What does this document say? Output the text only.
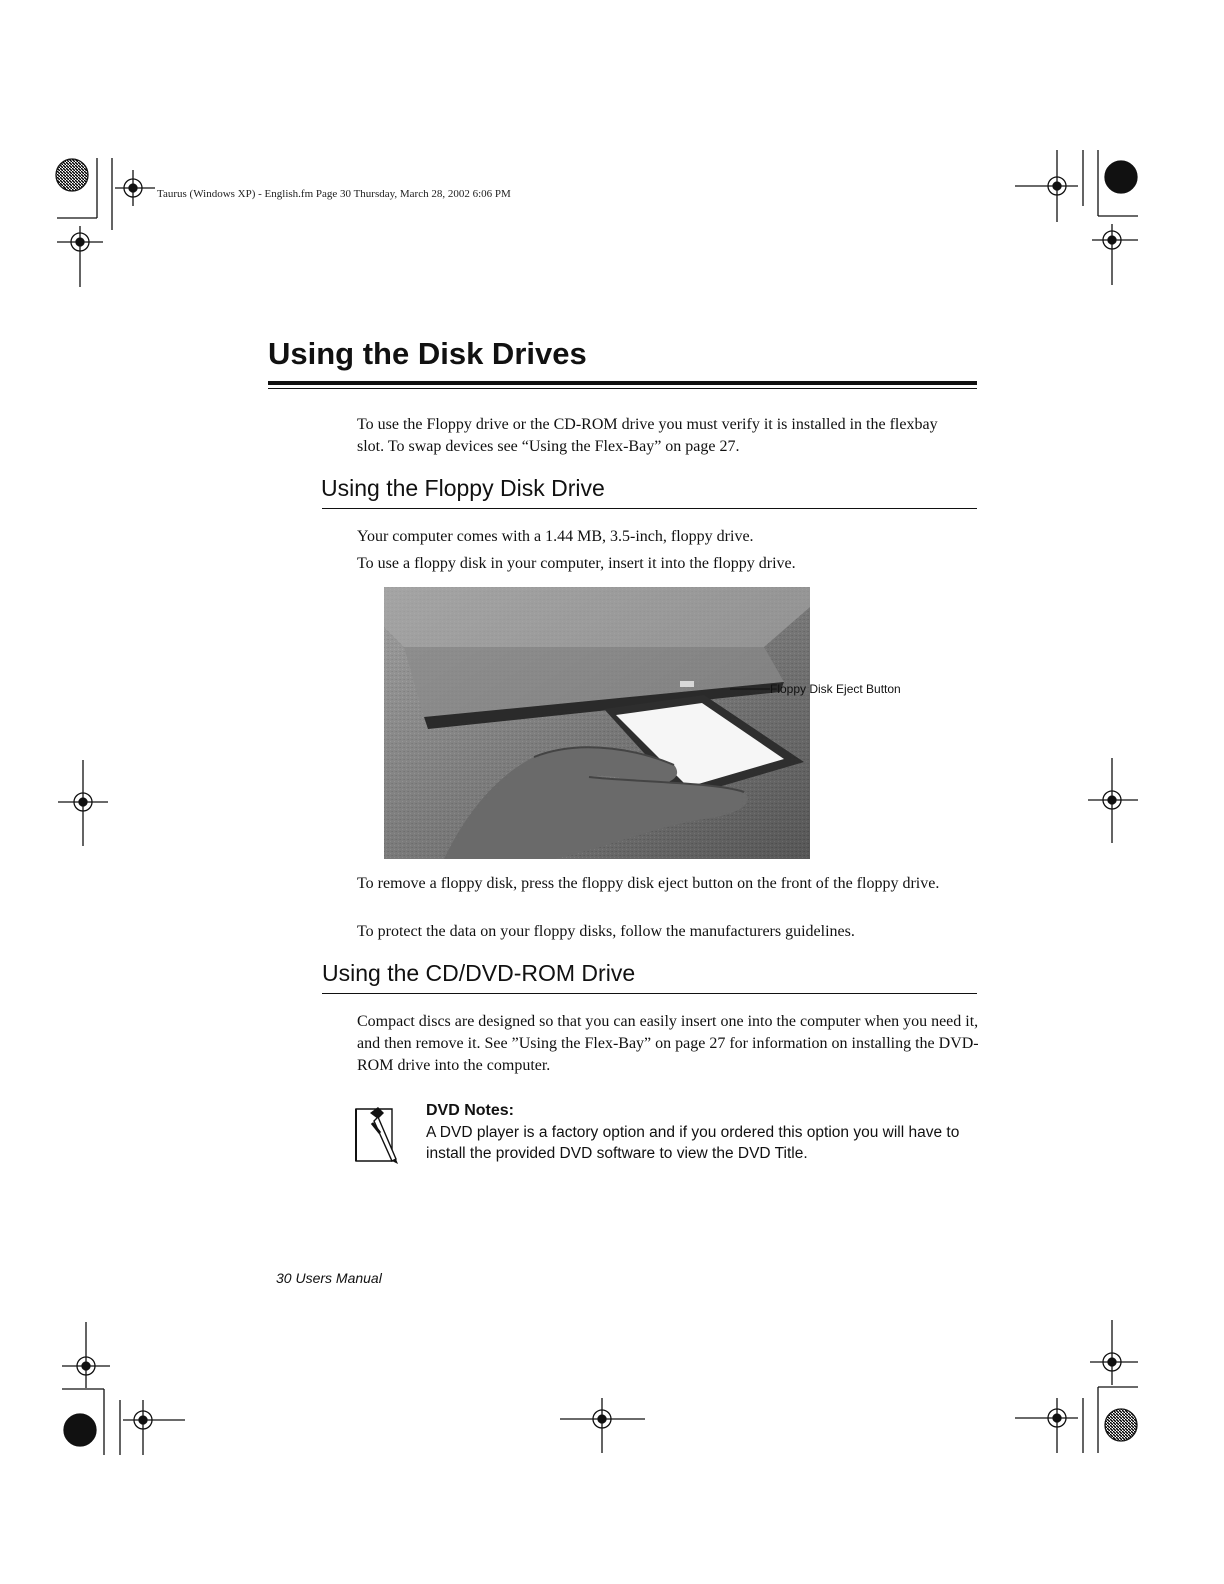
Taurus (Windows XP) - English.fm Page 30 Thursday, March 28, 2002 6:06 PM
Using the Disk Drives

To use the Floppy drive or the CD-ROM drive you must verify it is installed in the flexbay slot. To swap devices see “Using the Flex-Bay” on page 27.

Using the Floppy Disk Drive

Your computer comes with a 1.44 MB, 3.5-inch, floppy drive.

To use a floppy disk in your computer, insert it into the floppy drive.

Floppy Disk Eject Button

To remove a floppy disk, press the floppy disk eject button on the front of the floppy drive.

To protect the data on your floppy disks, follow the manufacturers guidelines.

Using the CD/DVD-ROM Drive

Compact discs are designed so that you can easily insert one into the computer when you need it, and then remove it. See ”Using the Flex-Bay” on page 27 for information on installing the DVD-ROM drive into the computer.

DVD Notes:

A DVD player is a factory option and if you ordered this option you will have to install the provided DVD software to view the DVD Title.

30 Users Manual
